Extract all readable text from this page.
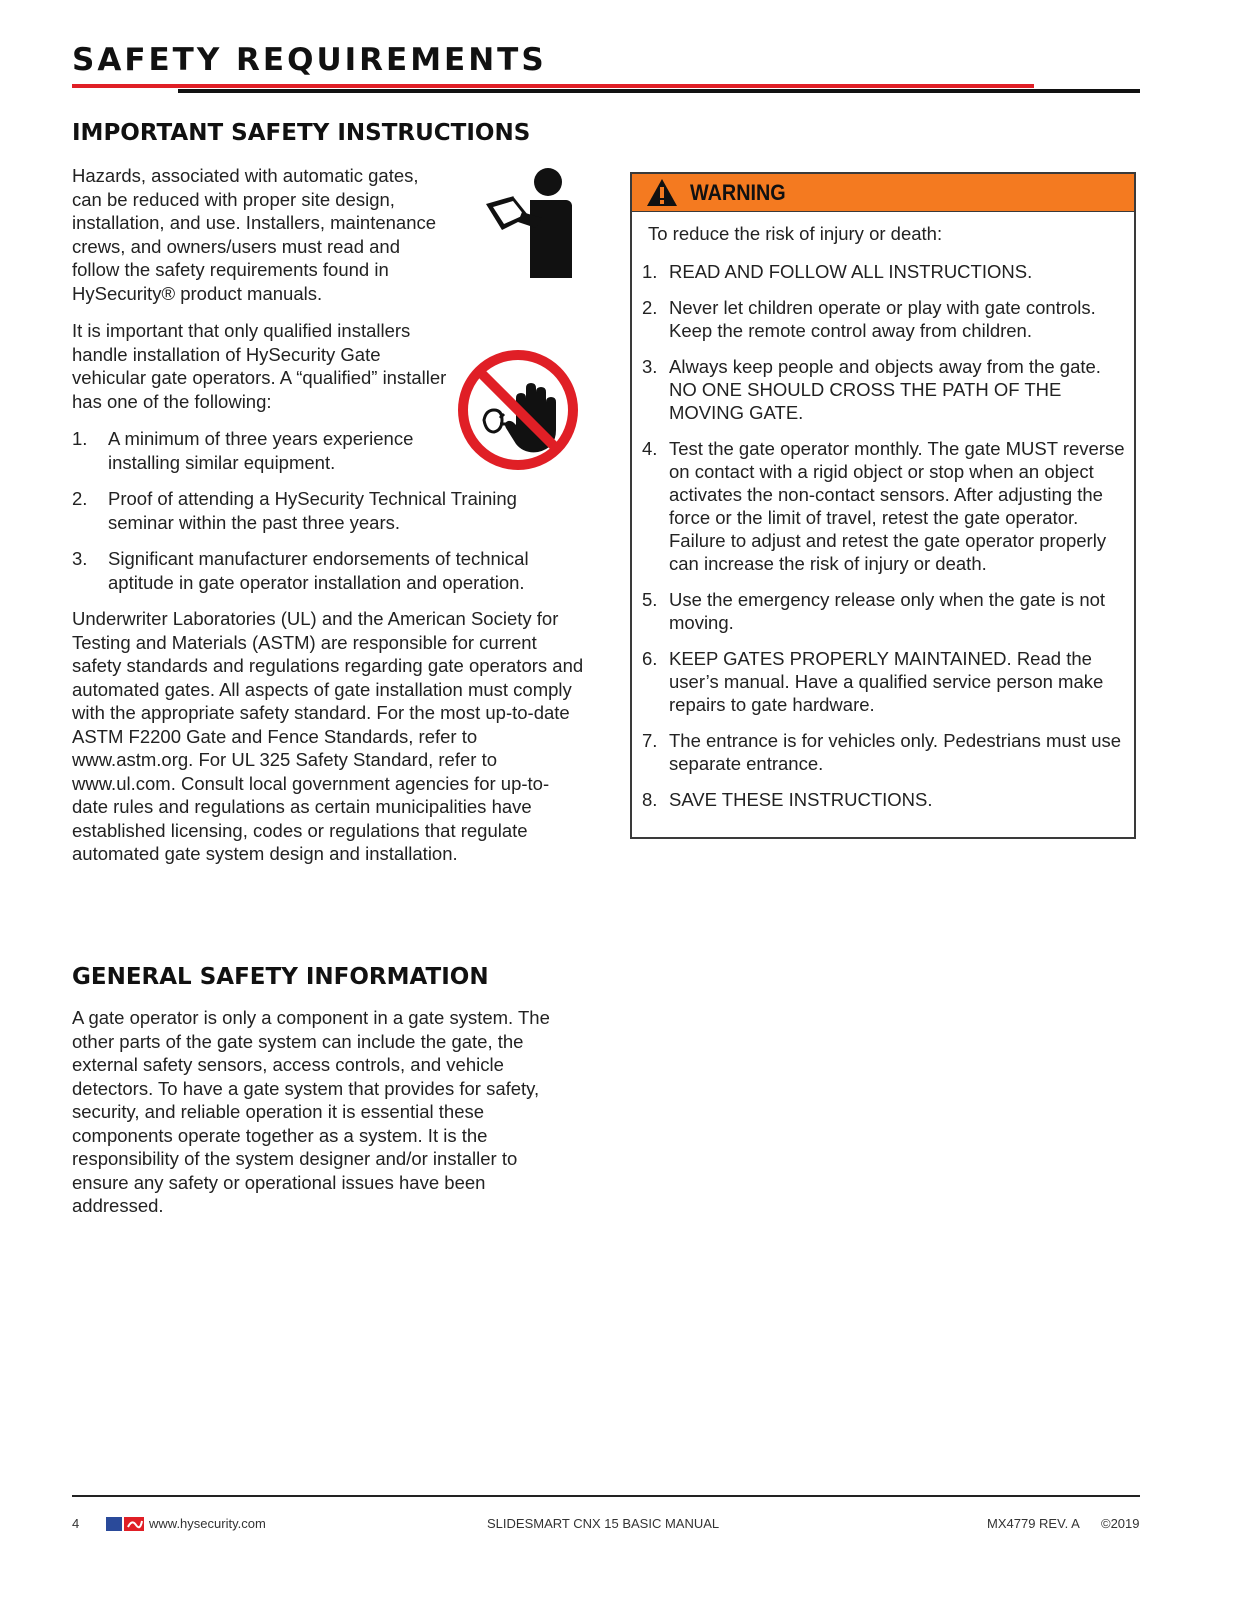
SAFETY REQUIREMENTS
IMPORTANT SAFETY INSTRUCTIONS

Hazards, associated with automatic gates, can be reduced with proper site design, installation, and use. Installers, maintenance crews, and owners/users must read and follow the safety requirements found in HySecurity® product manuals.

It is important that only qualified installers handle installation of HySecurity Gate vehicular gate operators. A “qualified” installer has one of the following:

1. A minimum of three years experience installing similar equipment.
2. Proof of attending a HySecurity Technical Training seminar within the past three years.
3. Significant manufacturer endorsements of technical aptitude in gate operator installation and operation.

Underwriter Laboratories (UL) and the American Society for Testing and Materials (ASTM) are responsible for current safety standards and regulations regarding gate operators and automated gates. All aspects of gate installation must comply with the appropriate safety standard. For the most up-to-date ASTM F2200 Gate and Fence Standards, refer to www.astm.org. For UL 325 Safety Standard, refer to www.ul.com. Consult local government agencies for up-to-date rules and regulations as certain municipalities have established licensing, codes or regulations that regulate automated gate system design and installation.

GENERAL SAFETY INFORMATION

A gate operator is only a component in a gate system. The other parts of the gate system can include the gate, the external safety sensors, access controls, and vehicle detectors. To have a gate system that provides for safety, security, and reliable operation it is essential these components operate together as a system. It is the responsibility of the system designer and/or installer to ensure any safety or operational issues have been addressed.

WARNING

To reduce the risk of injury or death:

1. READ AND FOLLOW ALL INSTRUCTIONS.
2. Never let children operate or play with gate controls. Keep the remote control away from children.
3. Always keep people and objects away from the gate. NO ONE SHOULD CROSS THE PATH OF THE MOVING GATE.
4. Test the gate operator monthly. The gate MUST reverse on contact with a rigid object or stop when an object activates the non-contact sensors. After adjusting the force or the limit of travel, retest the gate operator. Failure to adjust and retest the gate operator properly can increase the risk of injury or death.
5. Use the emergency release only when the gate is not moving.
6. KEEP GATES PROPERLY MAINTAINED. Read the user’s manual. Have a qualified service person make repairs to gate hardware.
7. The entrance is for vehicles only. Pedestrians must use separate entrance.
8. SAVE THESE INSTRUCTIONS.
4	www.hysecurity.com	SLIDESMART CNX 15 BASIC MANUAL	MX4779 REV. A ©2019
